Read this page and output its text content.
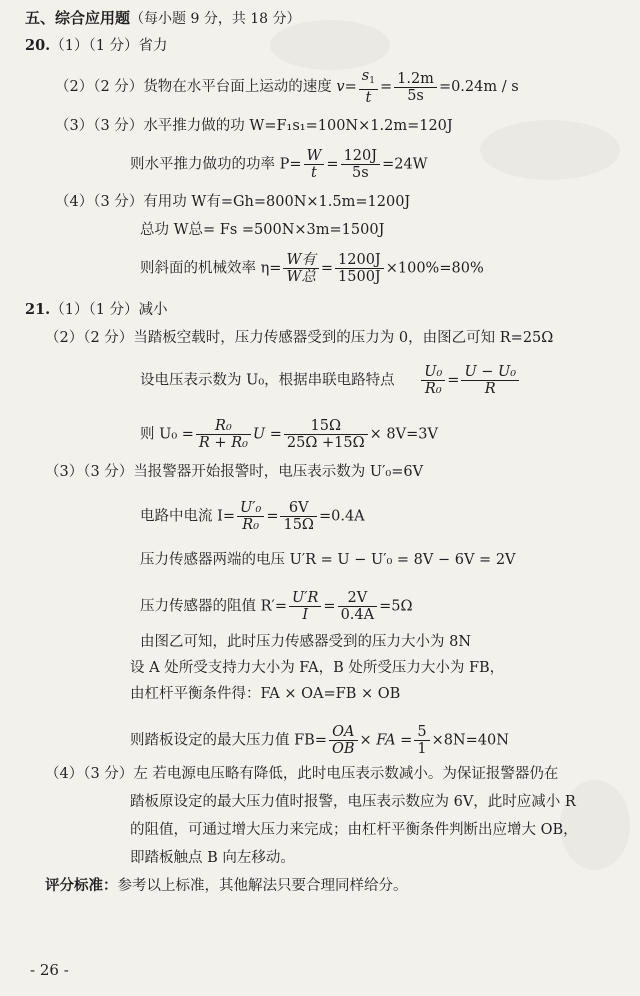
五、综合应用题（每小题 9 分，共 18 分）
20.（1）（1 分）省力
（2）（2 分）货物在水平台面上运动的速度 $v= \frac{s_1}{t} = \frac{1.2m}{5s} =0.24m / s$
（3）（3 分）水平推力做的功 W=F₁s₁=100N×1.2m=120J
则水平推力做功的功率 $P= \frac{W}{t} = \frac{120J}{5s} =24W$
（4）（3 分）有用功 W有=Gh=800N×1.5m=1200J
总功 W总= Fs =500N×3m=1500J
则斜面的机械效率 $\eta= \frac{\text{W有}}{\text{W总}} = \frac{1200J}{1500J} \times 100\%=80\%$
21.（1）（1 分）减小
（2）（2 分）当踏板空载时，压力传感器受到的压力为 0，由图乙可知 R=25Ω
设电压表示数为 U₀，根据串联电路特点 $\frac{\text{U₀}}{\text{R₀}} = \frac{\text{U − U₀}}{R}$
则 $U_0 = \frac{\text{R₀}}{\text{R + R₀}}$ $U = \frac{15\Omega}{25\Omega +15\Omega} \times 8V=3V$
（3）（3 分）当报警器开始报警时，电压表示数为 U′₀=6V
电路中电流 $I= \frac{\text{U′₀}}{\text{R₀}} = \frac{6V}{15\Omega} =0.4A$
压力传感器两端的电压 U′R = U − U′₀ = 8V − 6V = 2V
压力传感器的阻值 $R'= \frac{U'R}{I} = \frac{2V}{0.4A} =5\Omega$
由图乙可知，此时压力传感器受到的压力大小为 8N
设 A 处所受支持力大小为 FA，B 处所受压力大小为 FB，
由杠杆平衡条件得：FA × OA=FB × OB
则踏板设定的最大压力值 $FB= \frac{OA}{OB}$ × FA = $\frac{5}{1} \times 8N=40N$
（4）（3 分）左 若电源电压略有降低，此时电压表示数减小。为保证报警器仍在
踏板原设定的最大压力值时报警，电压表示数应为 6V，此时应减小 R
的阻值，可通过增大压力来完成；由杠杆平衡条件判断出应增大 OB，
即踏板触点 B 向左移动。
评分标准：参考以上标准，其他解法只要合理同样给分。
- 26 -
